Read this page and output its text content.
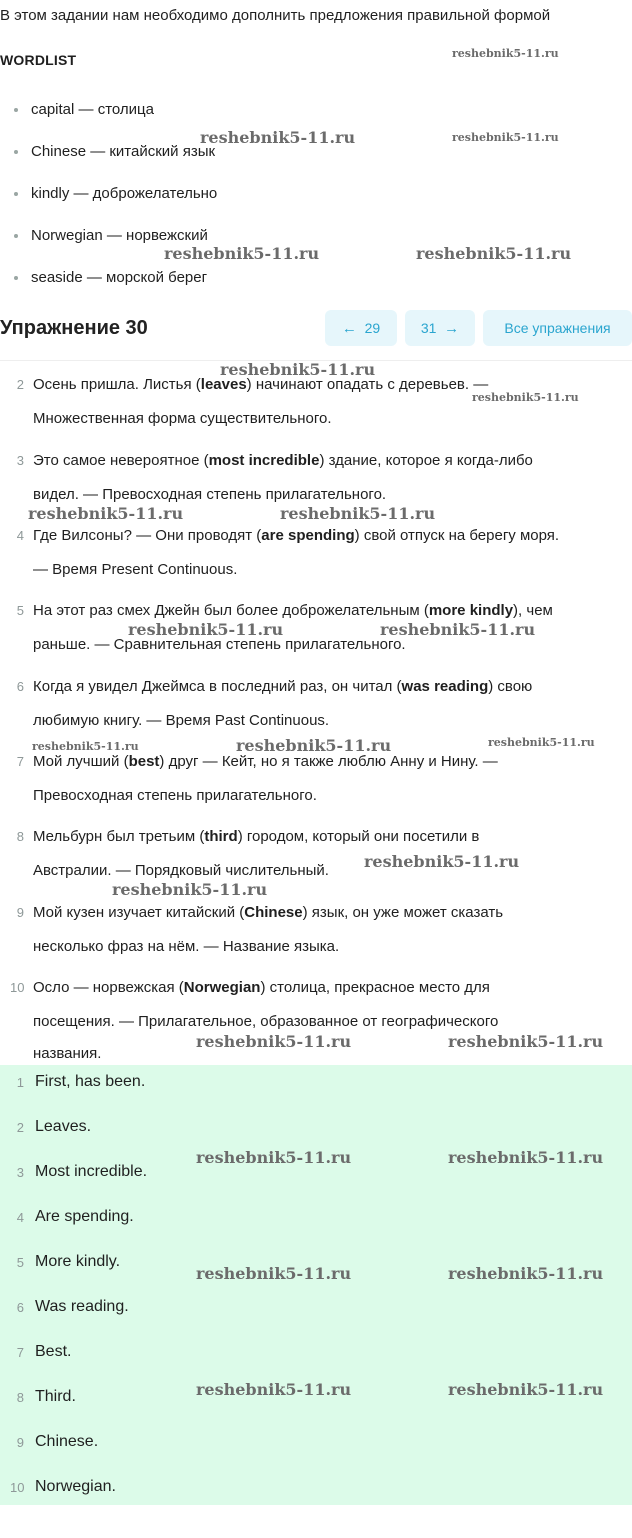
В этом задании нам необходимо дополнить предложения правильной формой
WORDLIST
capital — столица
Chinese — китайский язык
kindly — доброжелательно
Norwegian — норвежский
seaside — морской берег
Упражнение 30	←
29	31
→	Все упражнения
2 Осень пришла. Листья (leaves) начинают опадать с деревьев. —
Множественная форма существительного.
3 Это самое невероятное (most incredible) здание, которое я когда-либо
видел. — Превосходная степень прилагательного.
4 Где Вилсоны? — Они проводят (are spending) свой отпуск на берегу моря.
— Время Present Continuous.
5 На этот раз смех Джейн был более доброжелательным (more kindly), чем
раньше. — Сравнительная степень прилагательного.
6 Когда я увидел Джеймса в последний раз, он читал (was reading) свою
любимую книгу. — Время Past Continuous.
7 Мой лучший (best) друг — Кейт, но я также люблю Анну и Нину. —
Превосходная степень прилагательного.
8 Мельбурн был третьим (third) городом, который они посетили в
Австралии. — Порядковый числительный.
9 Мой кузен изучает китайский (Chinese) язык, он уже может сказать
несколько фраз на нём. — Название языка.
10 Осло — норвежская (Norwegian) столица, прекрасное место для
посещения. — Прилагательное, образованное от географического
названия.
1 First, has been.
2 Leaves.
3 Most incredible.
4 Are spending.
5 More kindly.
6 Was reading.
7 Best.
8 Third.
9 Chinese.
10 Norwegian.
reshebnik5-11.ru
reshebnik5-11.ru	reshebnik5-11.ru
reshebnik5-11.ru	reshebnik5-11.ru
reshebnik5-11.ru
reshebnik5-11.ru
reshebnik5-11.ru	reshebnik5-11.ru
reshebnik5-11.ru	reshebnik5-11.ru
reshebnik5-11.ru	reshebnik5-11.ru	reshebnik5-11.ru
reshebnik5-11.ru
reshebnik5-11.ru
reshebnik5-11.ru	reshebnik5-11.ru
reshebnik5-11.ru	reshebnik5-11.ru
reshebnik5-11.ru	reshebnik5-11.ru
reshebnik5-11.ru	reshebnik5-11.ru
